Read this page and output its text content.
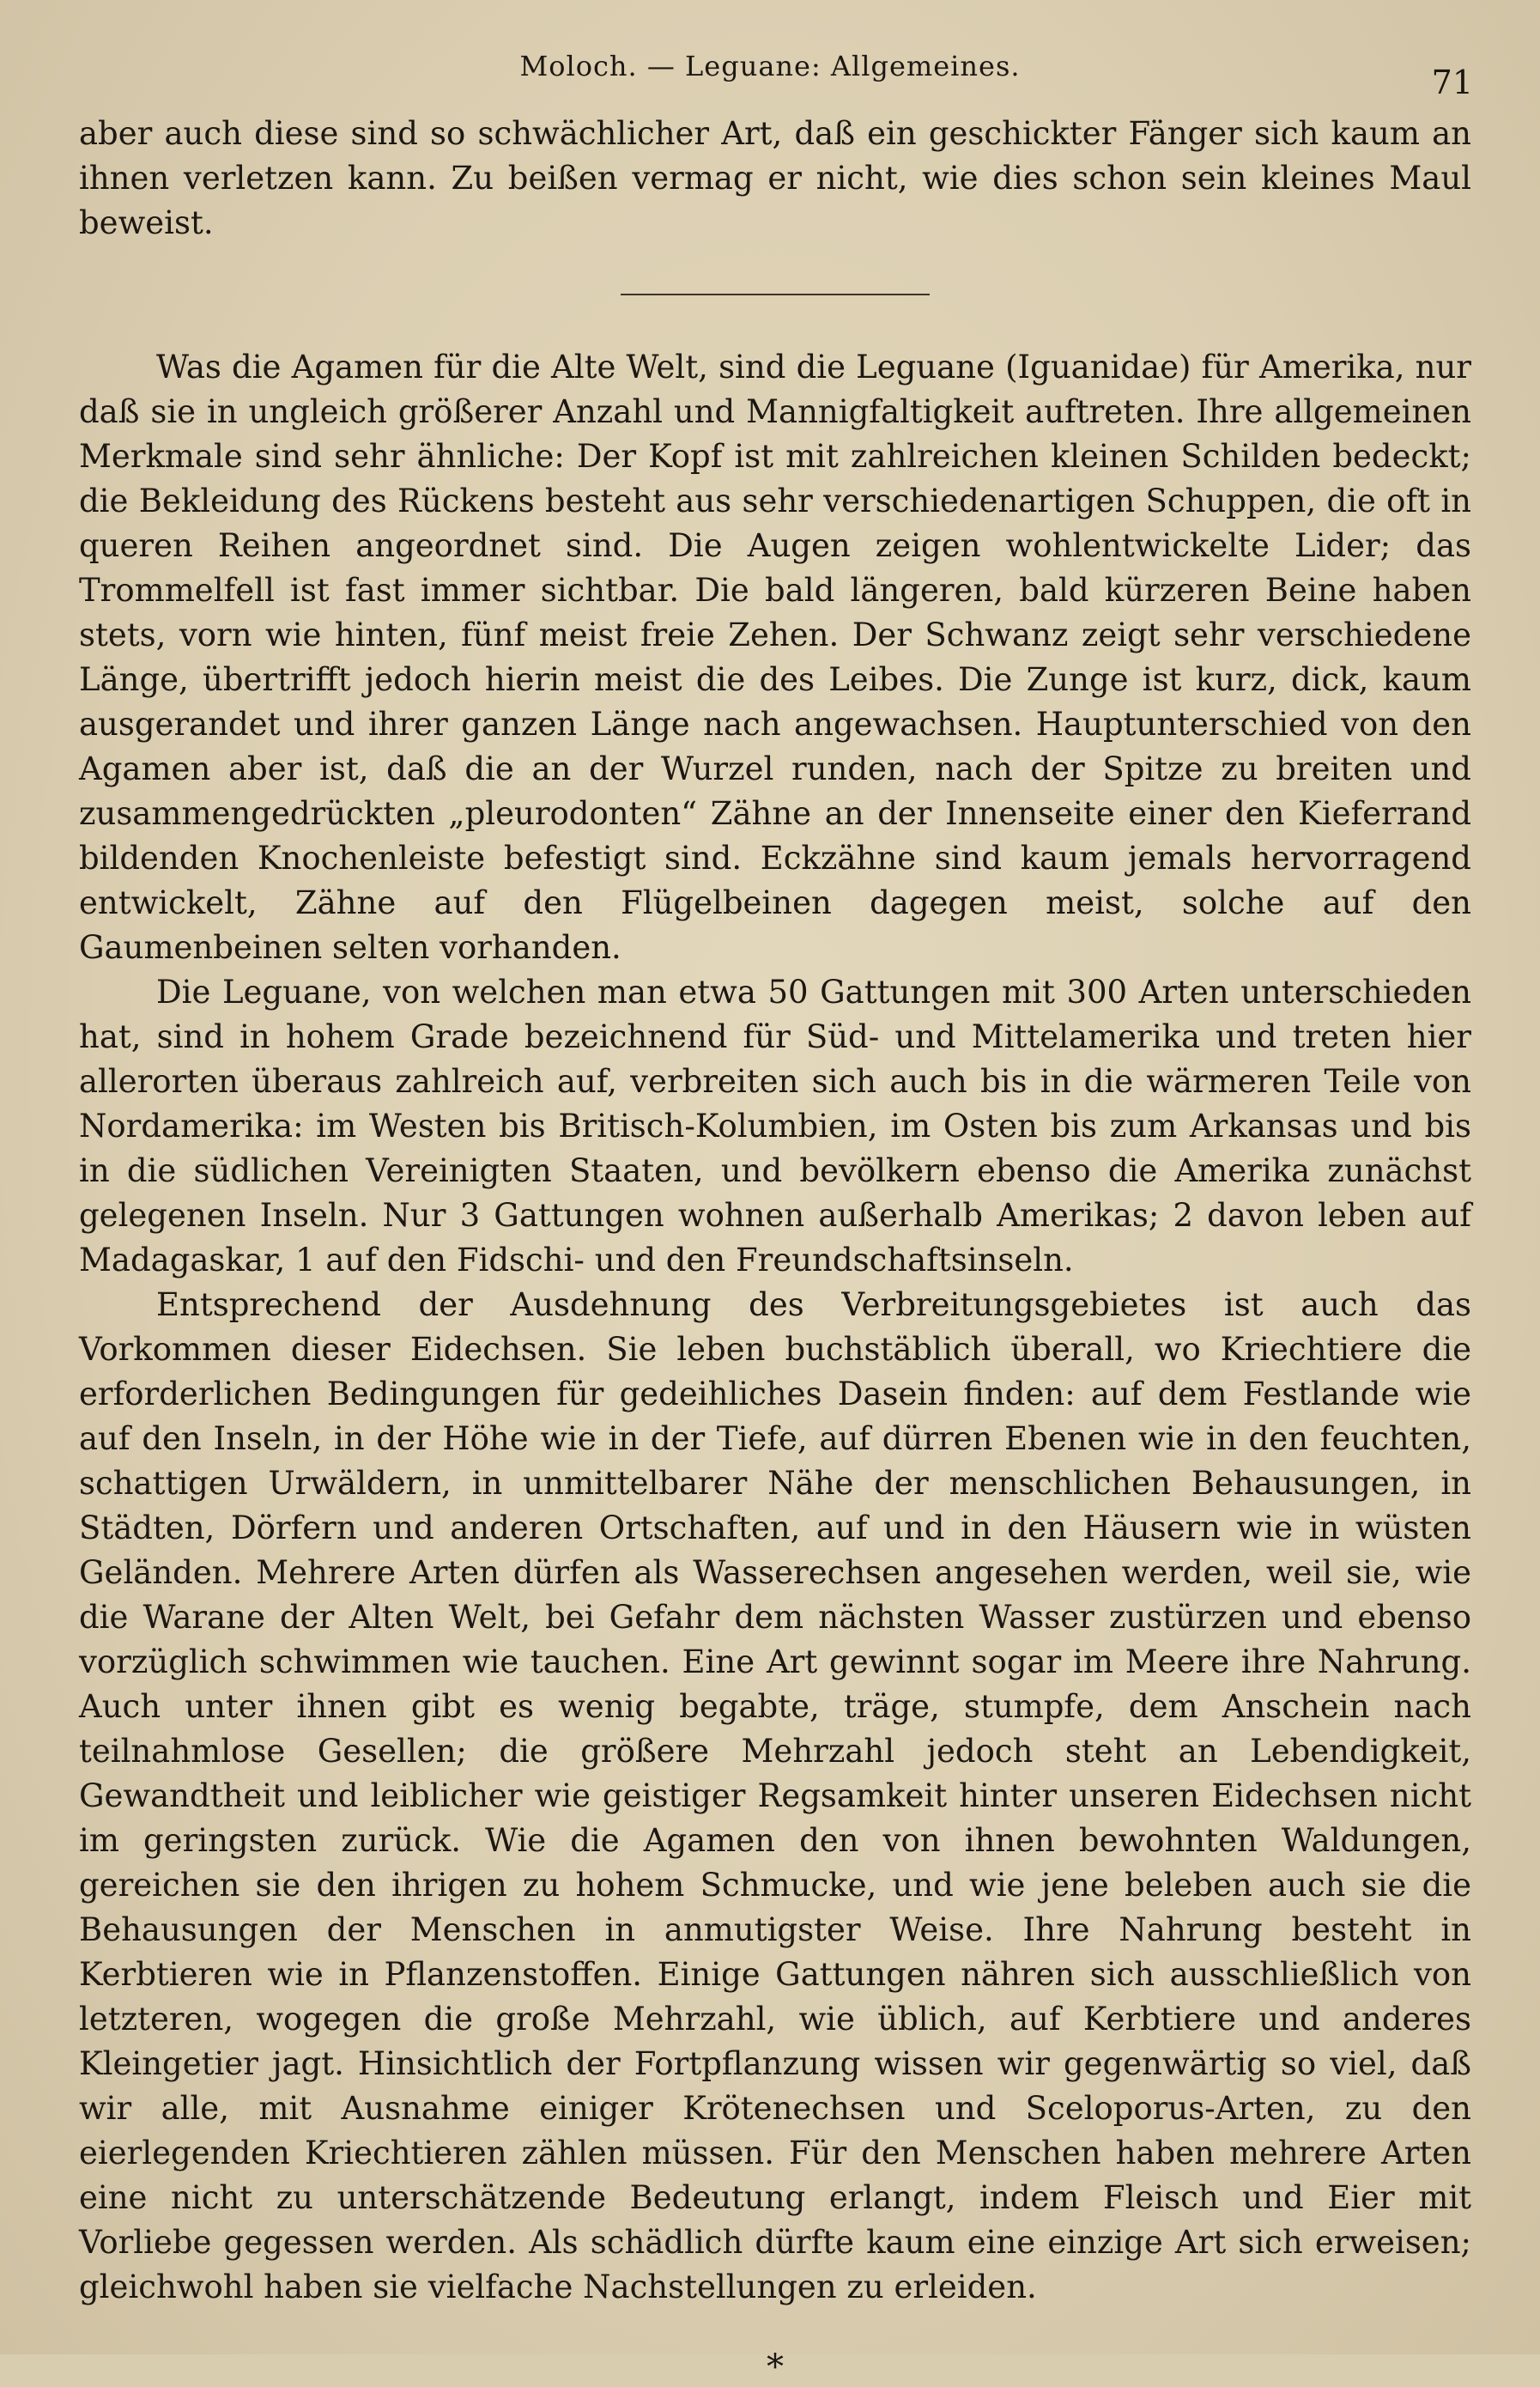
Moloch. — Leguane: Allgemeines.	71

aber auch diese sind so schwächlicher Art, daß ein geschickter Fänger sich kaum an ihnen verletzen kann. Zu beißen vermag er nicht, wie dies schon sein kleines Maul beweist.

Was die Agamen für die Alte Welt, sind die Leguane (Iguanidae) für Amerika, nur daß sie in ungleich größerer Anzahl und Mannigfaltigkeit auftreten. Ihre allgemeinen Merkmale sind sehr ähnliche: Der Kopf ist mit zahlreichen kleinen Schilden bedeckt; die Bekleidung des Rückens besteht aus sehr verschiedenartigen Schuppen, die oft in queren Reihen angeordnet sind. Die Augen zeigen wohlentwickelte Lider; das Trommelfell ist fast immer sichtbar. Die bald längeren, bald kürzeren Beine haben stets, vorn wie hinten, fünf meist freie Zehen. Der Schwanz zeigt sehr verschiedene Länge, übertrifft jedoch hierin meist die des Leibes. Die Zunge ist kurz, dick, kaum ausgerandet und ihrer ganzen Länge nach angewachsen. Hauptunterschied von den Agamen aber ist, daß die an der Wurzel runden, nach der Spitze zu breiten und zusammengedrückten „pleurodonten“ Zähne an der Innenseite einer den Kieferrand bildenden Knochenleiste befestigt sind. Eckzähne sind kaum jemals hervorragend entwickelt, Zähne auf den Flügelbeinen dagegen meist, solche auf den Gaumenbeinen selten vorhanden.

Die Leguane, von welchen man etwa 50 Gattungen mit 300 Arten unterschieden hat, sind in hohem Grade bezeichnend für Süd- und Mittelamerika und treten hier allerorten überaus zahlreich auf, verbreiten sich auch bis in die wärmeren Teile von Nordamerika: im Westen bis Britisch-Kolumbien, im Osten bis zum Arkansas und bis in die südlichen Vereinigten Staaten, und bevölkern ebenso die Amerika zunächst gelegenen Inseln. Nur 3 Gattungen wohnen außerhalb Amerikas; 2 davon leben auf Madagaskar, 1 auf den Fidschi- und den Freundschaftsinseln.

Entsprechend der Ausdehnung des Verbreitungsgebietes ist auch das Vorkommen dieser Eidechsen. Sie leben buchstäblich überall, wo Kriechtiere die erforderlichen Bedingungen für gedeihliches Dasein finden: auf dem Festlande wie auf den Inseln, in der Höhe wie in der Tiefe, auf dürren Ebenen wie in den feuchten, schattigen Urwäldern, in unmittelbarer Nähe der menschlichen Behausungen, in Städten, Dörfern und anderen Ortschaften, auf und in den Häusern wie in wüsten Geländen. Mehrere Arten dürfen als Wasserechsen angesehen werden, weil sie, wie die Warane der Alten Welt, bei Gefahr dem nächsten Wasser zustürzen und ebenso vorzüglich schwimmen wie tauchen. Eine Art gewinnt sogar im Meere ihre Nahrung. Auch unter ihnen gibt es wenig begabte, träge, stumpfe, dem Anschein nach teilnahmlose Gesellen; die größere Mehrzahl jedoch steht an Lebendigkeit, Gewandtheit und leiblicher wie geistiger Regsamkeit hinter unseren Eidechsen nicht im geringsten zurück. Wie die Agamen den von ihnen bewohnten Waldungen, gereichen sie den ihrigen zu hohem Schmucke, und wie jene beleben auch sie die Behausungen der Menschen in anmutigster Weise. Ihre Nahrung besteht in Kerbtieren wie in Pflanzenstoffen. Einige Gattungen nähren sich ausschließlich von letzteren, wogegen die große Mehrzahl, wie üblich, auf Kerbtiere und anderes Kleingetier jagt. Hinsichtlich der Fortpflanzung wissen wir gegenwärtig so viel, daß wir alle, mit Ausnahme einiger Krötenechsen und Sceloporus-Arten, zu den eierlegenden Kriechtieren zählen müssen. Für den Menschen haben mehrere Arten eine nicht zu unterschätzende Bedeutung erlangt, indem Fleisch und Eier mit Vorliebe gegessen werden. Als schädlich dürfte kaum eine einzige Art sich erweisen; gleichwohl haben sie vielfache Nachstellungen zu erleiden.

*
